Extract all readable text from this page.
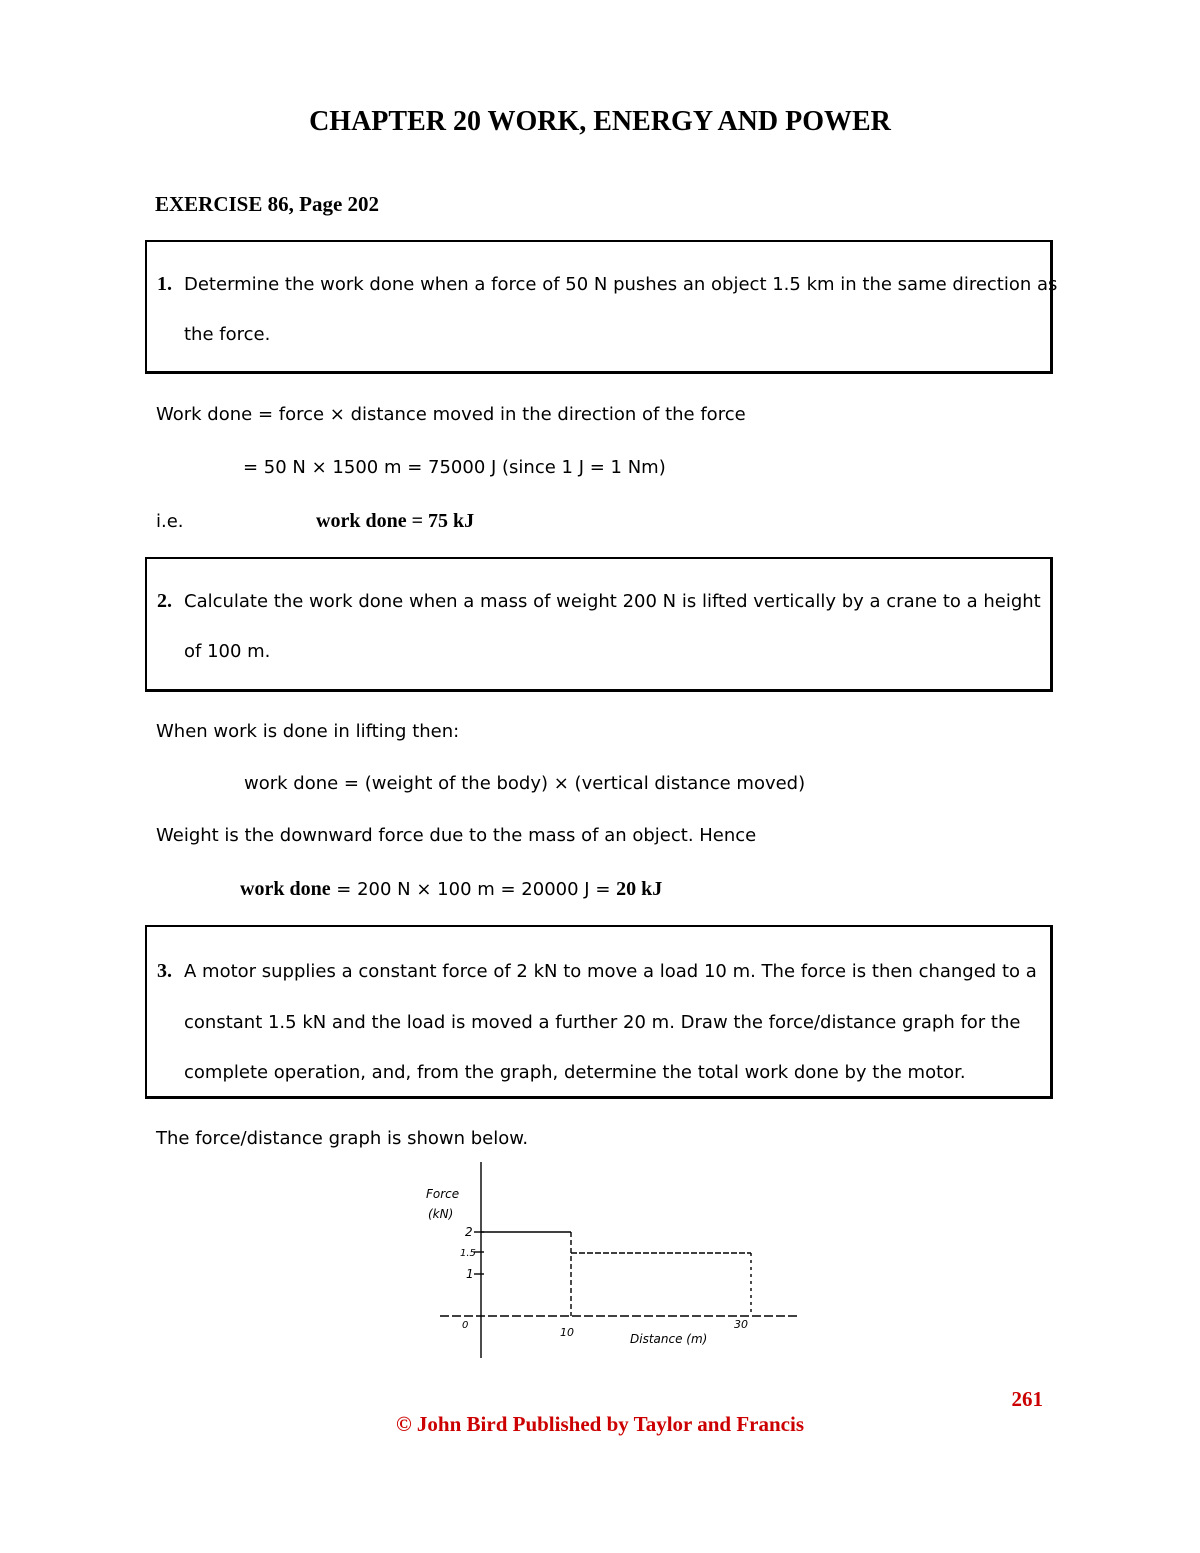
CHAPTER 20 WORK, ENERGY AND POWER
EXERCISE 86, Page 202
1. Determine the work done when a force of 50 N pushes an object 1.5 km in the same direction as
the force.
Work done = force × distance moved in the direction of the force
= 50 N × 1500 m = 75000 J (since 1 J = 1 Nm)
i.e.	work done = 75 kJ
2. Calculate the work done when a mass of weight 200 N is lifted vertically by a crane to a height
of 100 m.
When work is done in lifting then:
work done = (weight of the body) × (vertical distance moved)
Weight is the downward force due to the mass of an object. Hence
work done = 200 N × 100 m = 20000 J = 20 kJ
3. A motor supplies a constant force of 2 kN to move a load 10 m. The force is then changed to a
constant 1.5 kN and the load is moved a further 20 m. Draw the force/distance graph for the
complete operation, and, from the graph, determine the total work done by the motor.
The force/distance graph is shown below.
Force
(kN)
2
1.5
1
0
10
30
Distance (m)
261
© John Bird Published by Taylor and Francis
